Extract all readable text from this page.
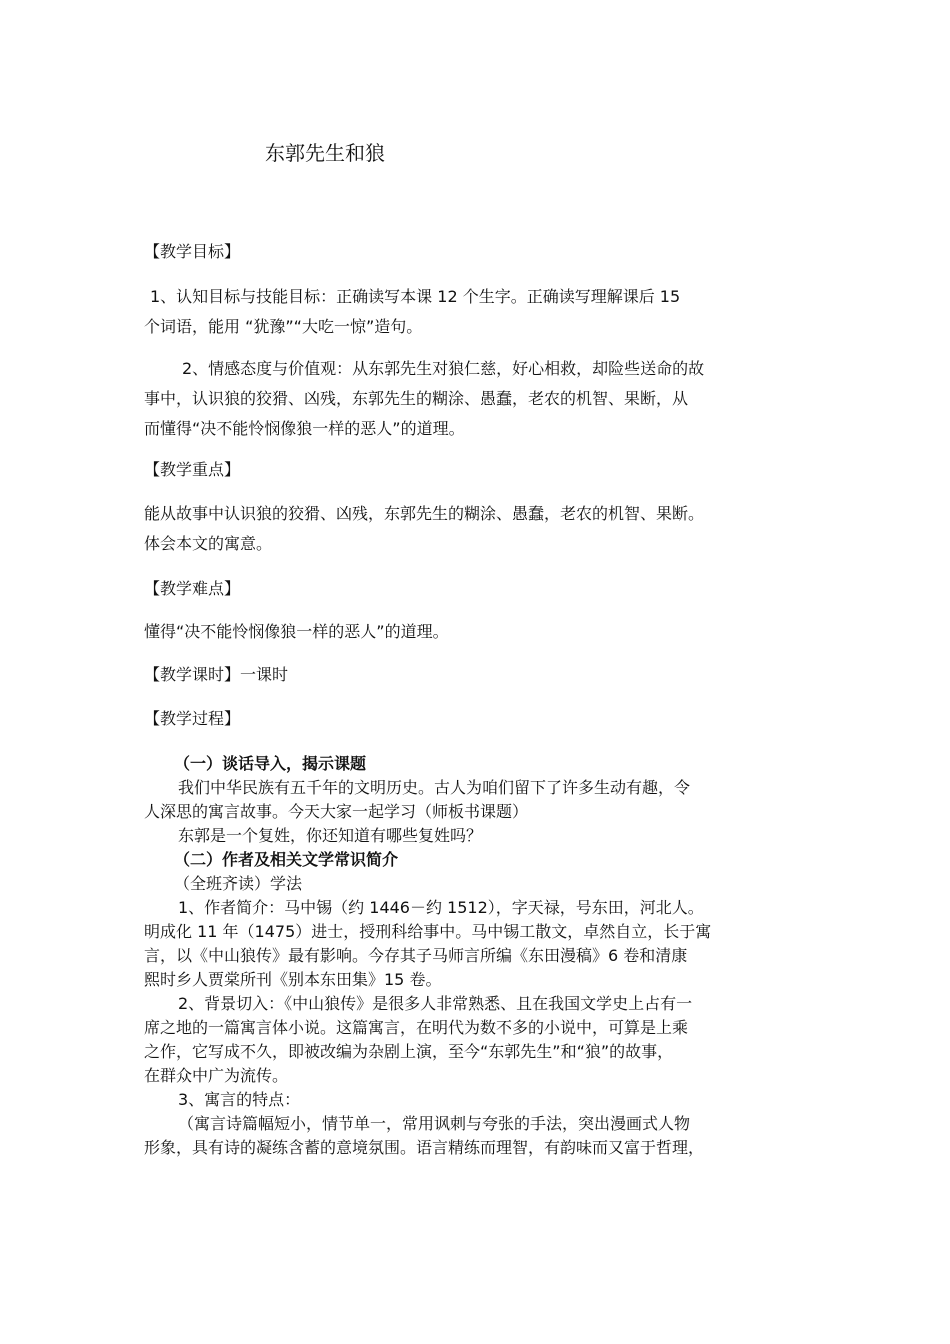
东郭先生和狼

【教学目标】

1、认知目标与技能目标：正确读写本课 12 个生字。正确读写理解课后 15

个词语，能用 “犹豫”“大吃一惊”造句。

2、情感态度与价值观：从东郭先生对狼仁慈，好心相救，却险些送命的故

事中，认识狼的狡猾、凶残，东郭先生的糊涂、愚蠢，老农的机智、果断，从

而懂得“决不能怜悯像狼一样的恶人”的道理。

【教学重点】

能从故事中认识狼的狡猾、凶残，东郭先生的糊涂、愚蠢，老农的机智、果断。

体会本文的寓意。

【教学难点】

懂得“决不能怜悯像狼一样的恶人”的道理。

【教学课时】一课时

【教学过程】

（一）谈话导入，揭示课题

我们中华民族有五千年的文明历史。古人为咱们留下了许多生动有趣，令

人深思的寓言故事。今天大家一起学习（师板书课题）

东郭是一个复姓，你还知道有哪些复姓吗？

（二）作者及相关文学常识简介

（全班齐读）学法

1、作者简介：马中锡（约 1446－约 1512），字天禄，号东田，河北人。

明成化 11 年（1475）进士，授刑科给事中。马中锡工散文，卓然自立，长于寓

言，以《中山狼传》最有影响。今存其子马师言所编《东田漫稿》6 卷和清康

熙时乡人贾棠所刊《别本东田集》15 卷。

2、背景切入：《中山狼传》是很多人非常熟悉、且在我国文学史上占有一

席之地的一篇寓言体小说。这篇寓言，在明代为数不多的小说中，可算是上乘

之作，它写成不久，即被改编为杂剧上演，至今“东郭先生”和“狼”的故事，

在群众中广为流传。

3、寓言的特点：

（寓言诗篇幅短小，情节单一，常用讽刺与夸张的手法，突出漫画式人物

形象，具有诗的凝练含蓄的意境氛围。语言精练而理智，有韵味而又富于哲理，
